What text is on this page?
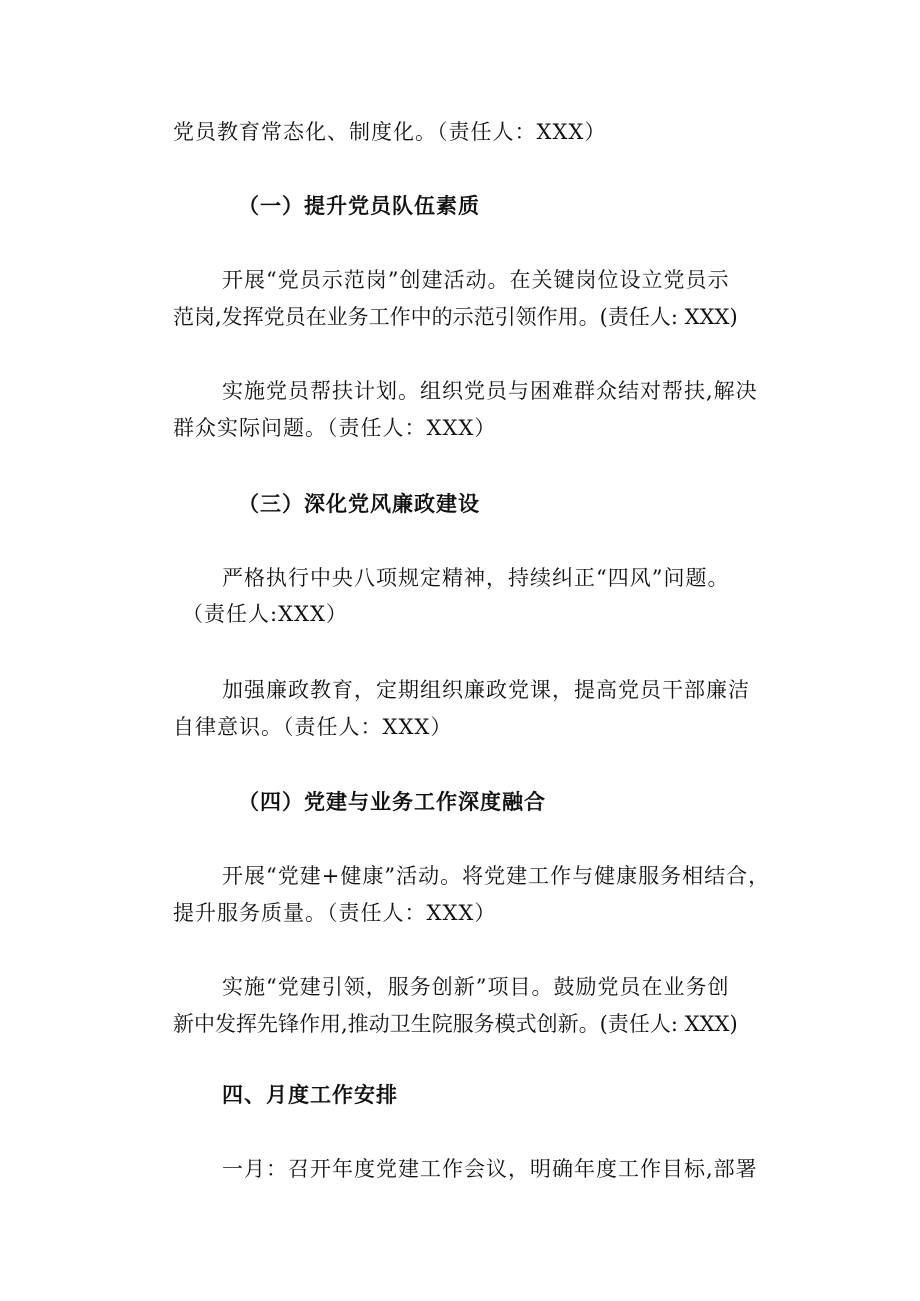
党员教育常态化、制度化。（责任人：XXX）
（一）提升党员队伍素质
开展“党员示范岗”创建活动。在关键岗位设立党员示
范岗,发挥党员在业务工作中的示范引领作用。(责任人: XXX)
实施党员帮扶计划。组织党员与困难群众结对帮扶,解决
群众实际问题。（责任人：XXX）
（三）深化党风廉政建设
严格执行中央八项规定精神，持续纠正“四风”问题。
（责任人:XXX）
加强廉政教育，定期组织廉政党课，提高党员干部廉洁
自律意识。（责任人：XXX）
（四）党建与业务工作深度融合
开展“党建+健康”活动。将党建工作与健康服务相结合，
提升服务质量。（责任人：XXX）
实施“党建引领，服务创新”项目。鼓励党员在业务创
新中发挥先锋作用,推动卫生院服务模式创新。(责任人: XXX)
四、月度工作安排
一月：召开年度党建工作会议，明确年度工作目标,部署
